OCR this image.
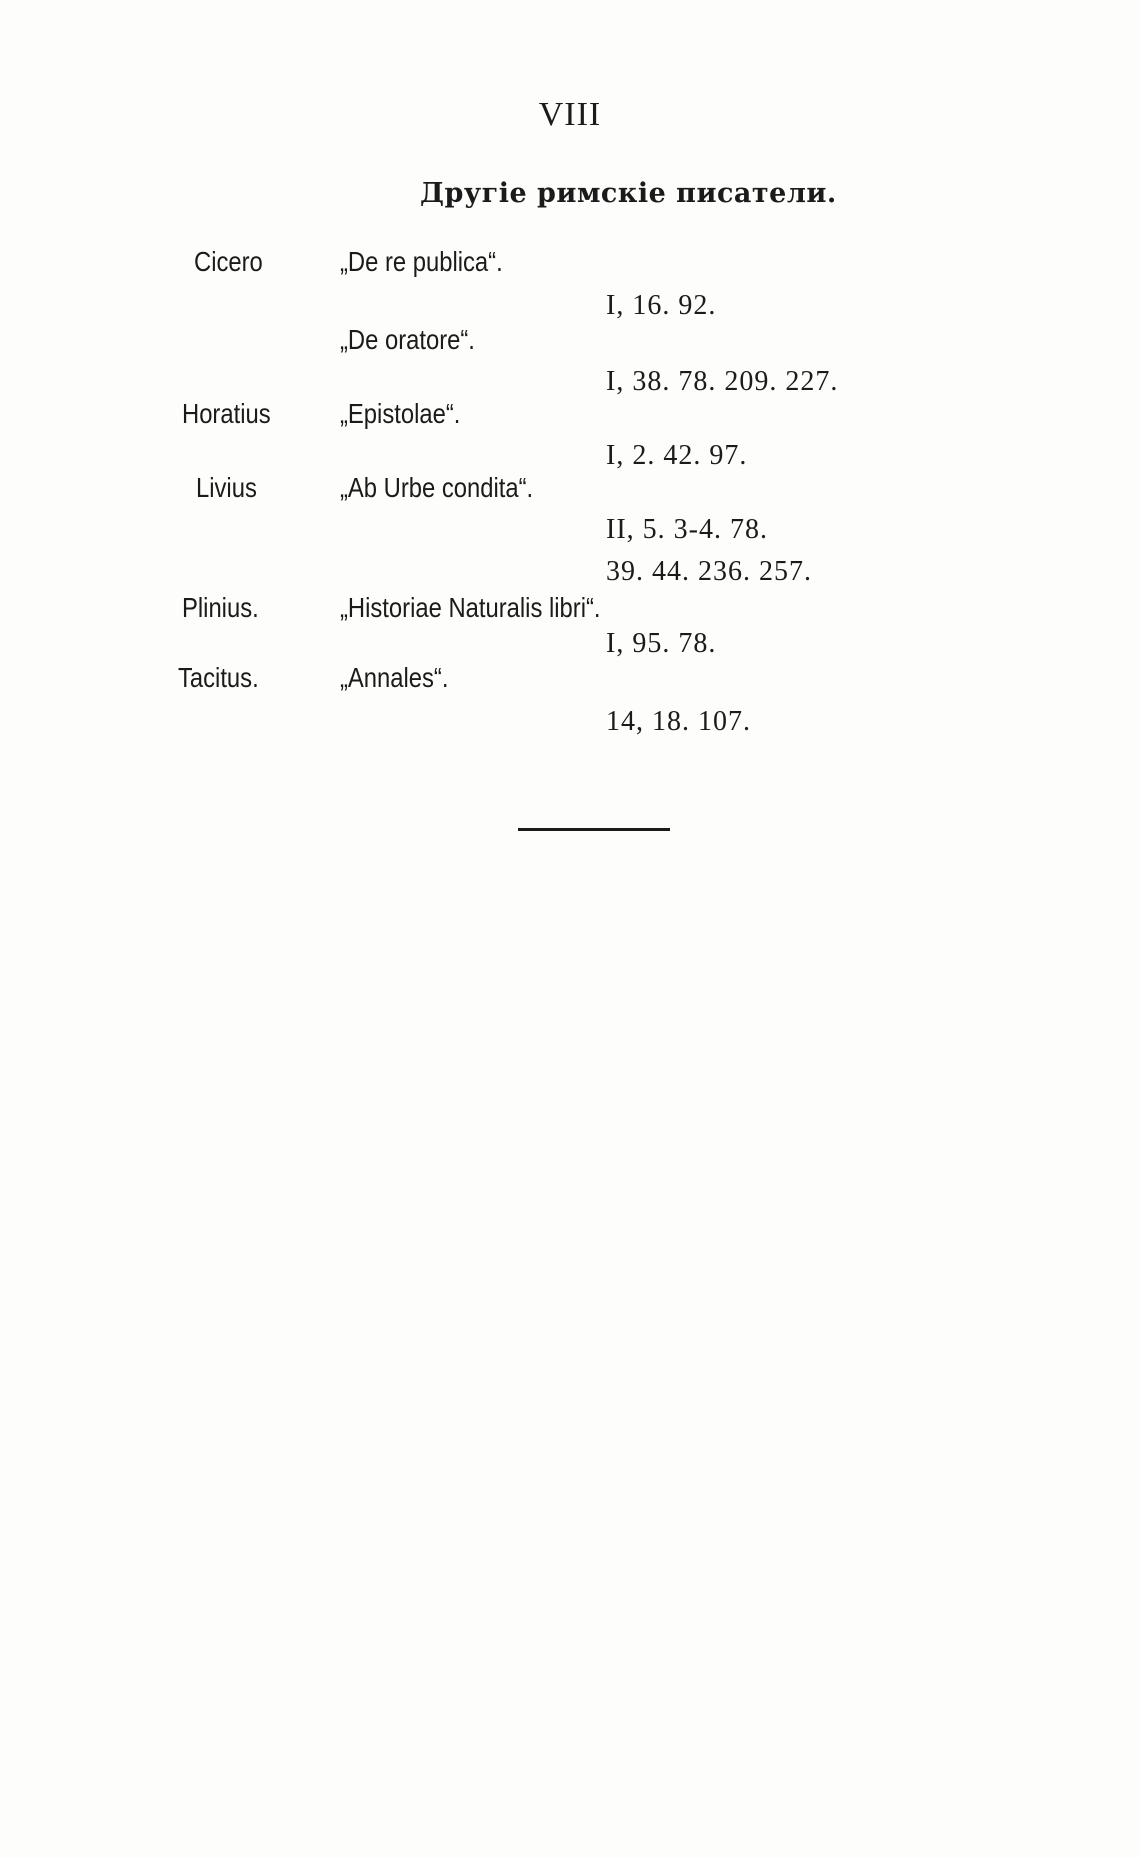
VIII
Другіе римскіе писатели.
Cicero	„De re publica“.
I, 16. 92.
„De oratore“.
I, 38. 78. 209. 227.
Horatius	„Epistolae“.
I, 2. 42. 97.
Livius	„Ab Urbe condita“.
II, 5. 3-4. 78.
39. 44. 236. 257.
Plinius.	„Historiae Naturalis libri“.
I, 95. 78.
Tacitus.	„Annales“.
14, 18. 107.
